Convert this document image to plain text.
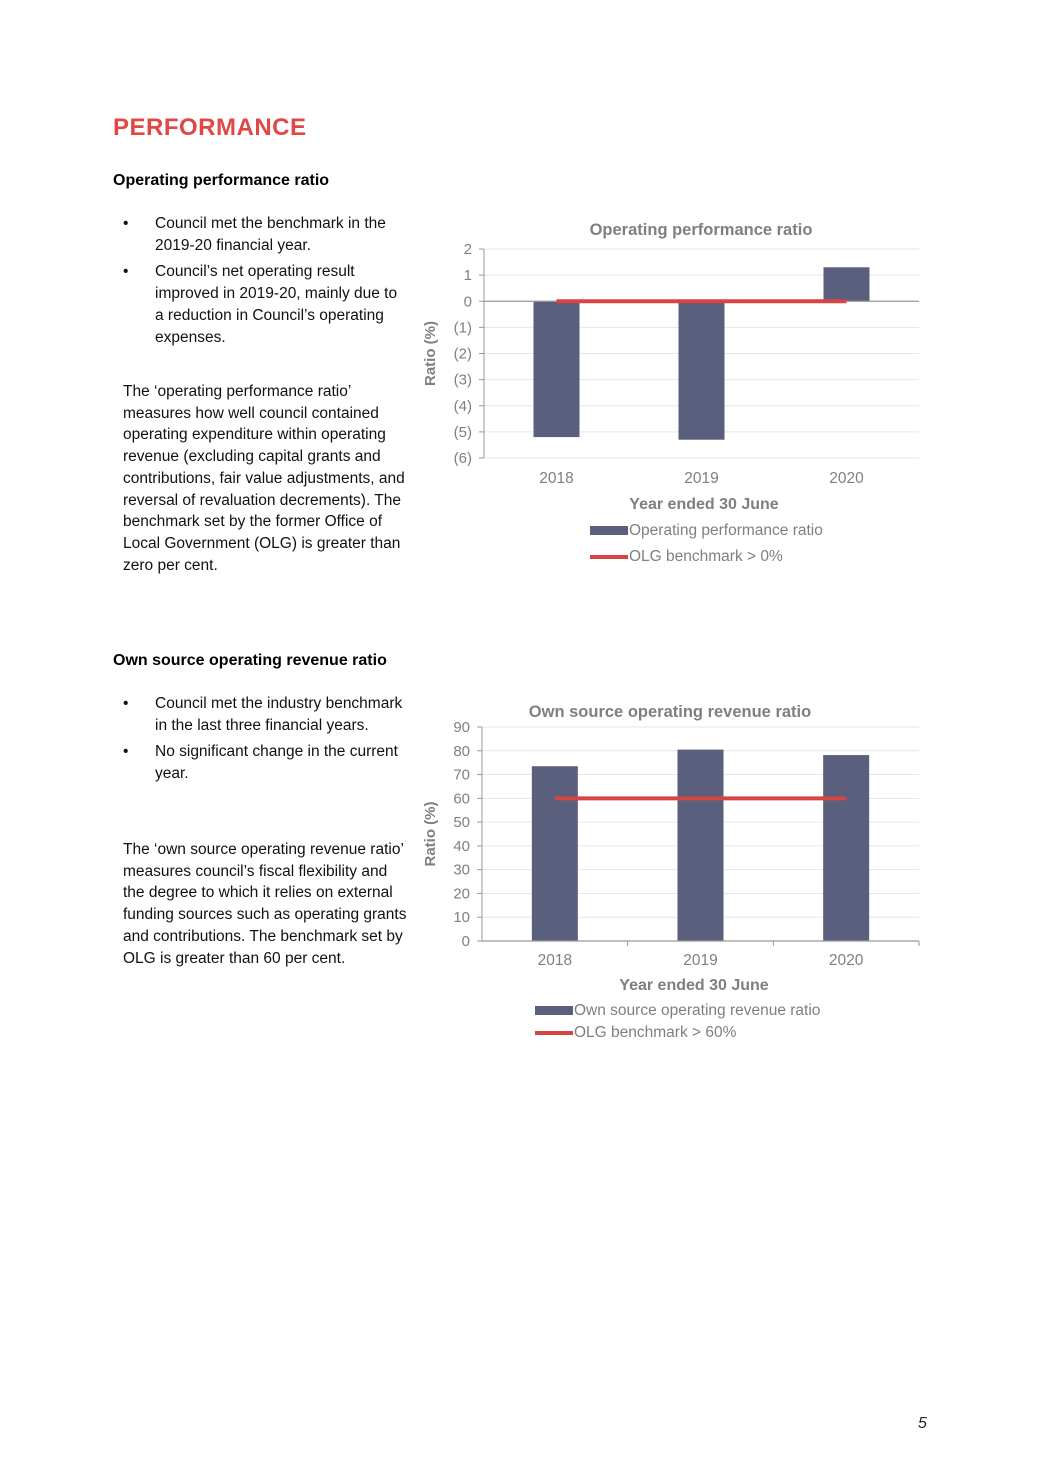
PERFORMANCE
Operating performance ratio
• Council met the benchmark in the 2019-20 financial year.
• Council’s net operating result improved in 2019-20, mainly due to a reduction in Council’s operating expenses.

The ‘operating performance ratio’ measures how well council contained operating expenditure within operating revenue (excluding capital grants and contributions, fair value adjustments, and reversal of revaluation decrements). The benchmark set by the former Office of Local Government (OLG) is greater than zero per cent.

Operating performance ratio
Ratio (%)
Year ended 30 June
2
1
0
(1)
(2)
(3)
(4)
(5)
(6)
2018	2019	2020
Operating performance ratio
OLG benchmark > 0%
Own source operating revenue ratio
• Council met the industry benchmark in the last three financial years.
• No significant change in the current year.

The ‘own source operating revenue ratio’ measures council’s fiscal flexibility and the degree to which it relies on external funding sources such as operating grants and contributions. The benchmark set by OLG is greater than 60 per cent.

Own source operating revenue ratio
Ratio (%)
Year ended 30 June
90
80
70
60
50
40
30
20
10
0
2018	2019	2020
Own source operating revenue ratio
OLG benchmark > 60%
5
